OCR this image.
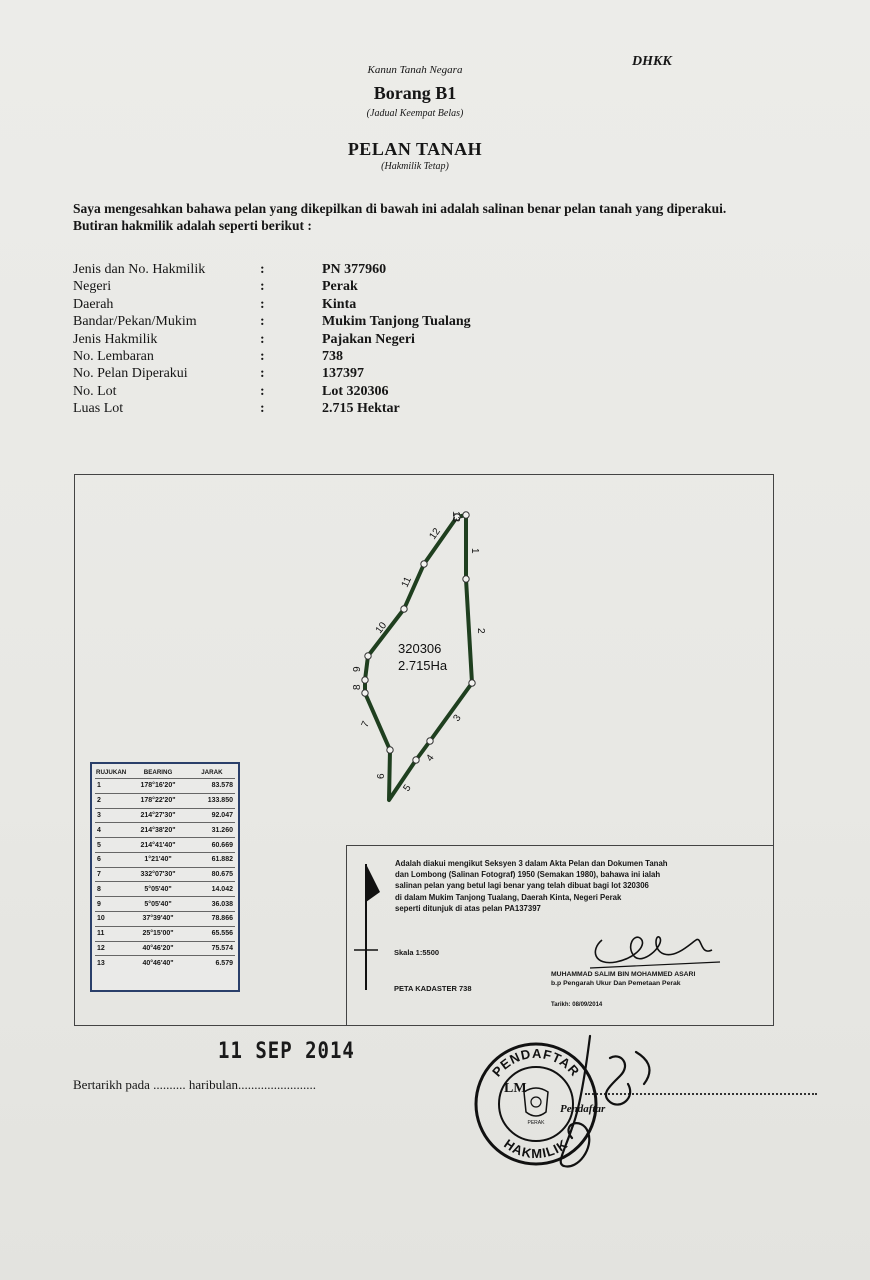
DHKK
Kanun Tanah Negara
Borang B1
(Jadual Keempat Belas)
PELAN TANAH
(Hakmilik Tetap)
Saya mengesahkan bahawa pelan yang dikepilkan di bawah ini adalah salinan benar pelan tanah yang diperakui.
Butiran hakmilik adalah seperti berikut :
Jenis dan No. Hakmilik	:	PN 377960
Negeri	:	Perak
Daerah	:	Kinta
Bandar/Pekan/Mukim	:	Mukim Tanjong Tualang
Jenis Hakmilik	:	Pajakan Negeri
No. Lembaran	:	738
No. Pelan Diperakui	:	137397
No. Lot	:	Lot 320306
Luas Lot	:	2.715 Hektar
1
2
3
4
5
6
7
8
9
10
11
12
13
320306
2.715Ha
RUJUKAN	BEARING	JARAK
1	178°16'20"	83.578
2	178°22'20"	133.850
3	214°27'30"	92.047
4	214°38'20"	31.260
5	214°41'40"	60.669
6	1°21'40"	61.882
7	332°07'30"	80.675
8	5°05'40"	14.042
9	5°05'40"	36.038
10	37°39'40"	78.866
11	25°15'00"	65.556
12	40°46'20"	75.574
13	40°46'40"	6.579
Adalah diakui mengikut Seksyen 3 dalam Akta Pelan dan Dokumen Tanah
dan Lombong (Salinan Fotograf) 1950 (Semakan 1980), bahawa ini ialah
salinan pelan yang betul lagi benar yang telah dibuat bagi lot 320306
di dalam Mukim Tanjong Tualang, Daerah Kinta, Negeri Perak
seperti ditunjuk di atas pelan PA137397
Skala 1:5500
PETA KADASTER 738
MUHAMMAD SALIM BIN MOHAMMED ASARI
b.p Pengarah Ukur Dan Pemetaan Perak
Tarikh: 08/09/2014
11 SEP 2014
Bertarikh pada .......... haribulan........................
PENDAFTAR
HAKMILIK
PERAK
LM
Pendaftar
